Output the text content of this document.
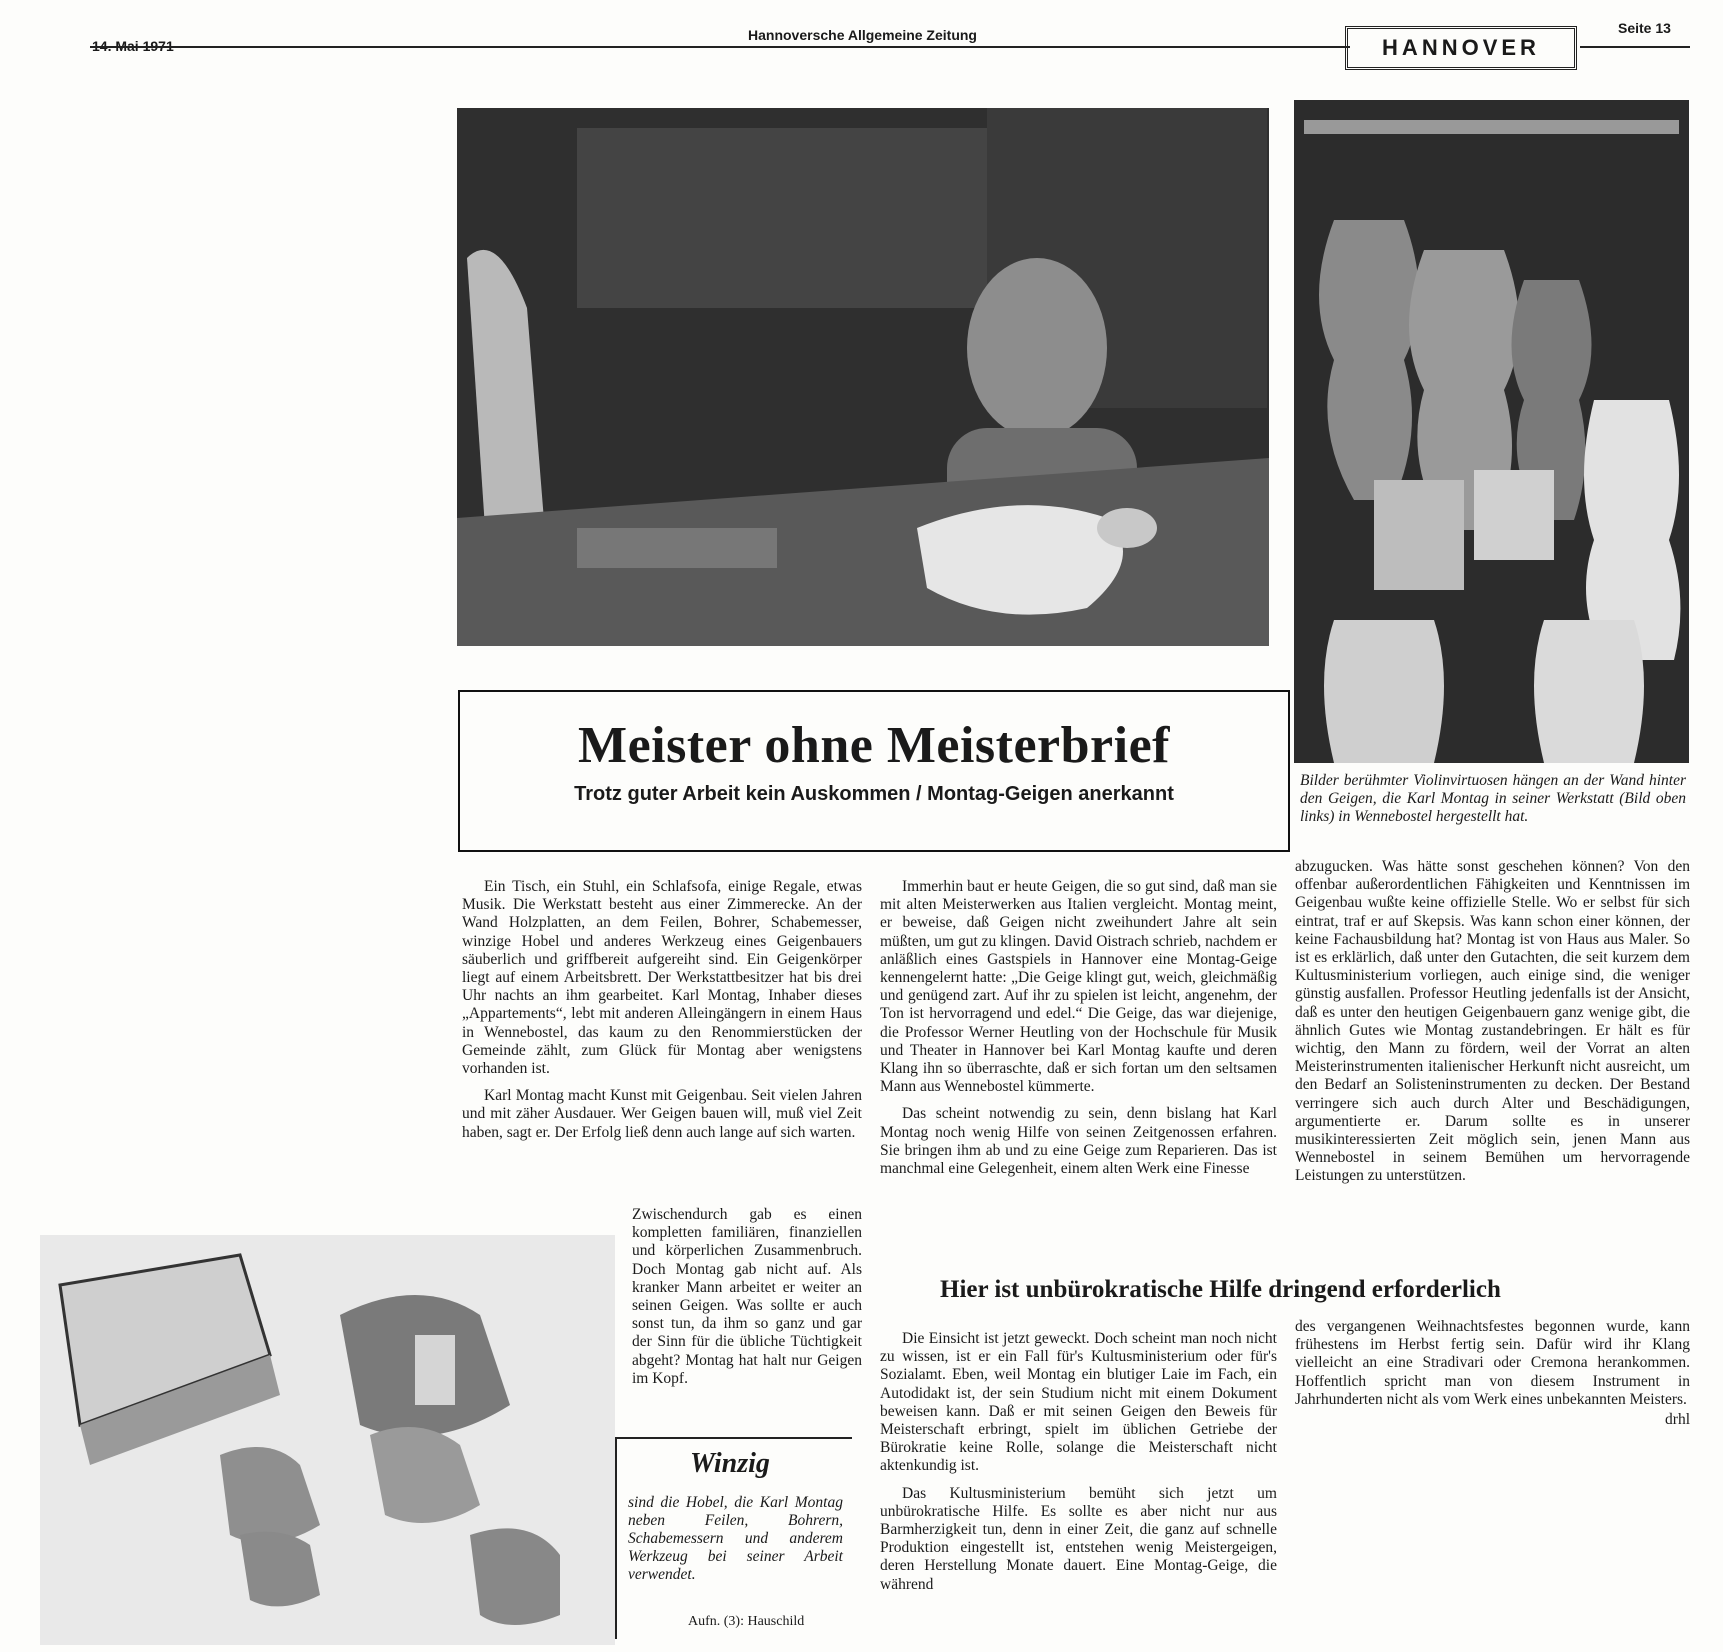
14. Mai 1971
Hannoversche Allgemeine Zeitung	HANNOVER
Seite 13
Bilder berühmter Violinvirtuosen hängen an der Wand hinter den Geigen, die Karl Montag in seiner Werkstatt (Bild oben links) in Wennebostel hergestellt hat.
Meister ohne Meisterbrief
Trotz guter Arbeit kein Auskommen / Montag-Geigen anerkannt

Ein Tisch, ein Stuhl, ein Schlafsofa, einige Regale, etwas Musik. Die Werkstatt besteht aus einer Zimmerecke. An der Wand Holzplatten, an dem Feilen, Bohrer, Schabemesser, winzige Hobel und anderes Werkzeug eines Geigenbauers säuberlich und griffbereit aufgereiht sind. Ein Geigenkörper liegt auf einem Arbeitsbrett. Der Werkstattbesitzer hat bis drei Uhr nachts an ihm gearbeitet. Karl Montag, Inhaber dieses „Appartements“, lebt mit anderen Alleingängern in einem Haus in Wennebostel, das kaum zu den Renommierstücken der Gemeinde zählt, zum Glück für Montag aber wenigstens vorhanden ist.

Karl Montag macht Kunst mit Geigenbau. Seit vielen Jahren und mit zäher Ausdauer. Wer Geigen bauen will, muß viel Zeit haben, sagt er. Der Erfolg ließ denn auch lange auf sich warten.

Zwischendurch gab es einen kompletten familiären, finanziellen und körperlichen Zusammenbruch. Doch Montag gab nicht auf. Als kranker Mann arbeitet er weiter an seinen Geigen. Was sollte er auch sonst tun, da ihm so ganz und gar der Sinn für die übliche Tüchtigkeit abgeht? Montag hat halt nur Geigen im Kopf.

Immerhin baut er heute Geigen, die so gut sind, daß man sie mit alten Meisterwerken aus Italien vergleicht. Montag meint, er beweise, daß Geigen nicht zweihundert Jahre alt sein müßten, um gut zu klingen. David Oistrach schrieb, nachdem er anläßlich eines Gastspiels in Hannover eine Montag-Geige kennengelernt hatte: „Die Geige klingt gut, weich, gleichmäßig und genügend zart. Auf ihr zu spielen ist leicht, angenehm, der Ton ist hervorragend und edel.“ Die Geige, das war diejenige, die Professor Werner Heutling von der Hochschule für Musik und Theater in Hannover bei Karl Montag kaufte und deren Klang ihn so überraschte, daß er sich fortan um den seltsamen Mann aus Wennebostel kümmerte.

Das scheint notwendig zu sein, denn bislang hat Karl Montag noch wenig Hilfe von seinen Zeitgenossen erfahren. Sie bringen ihm ab und zu eine Geige zum Reparieren. Das ist manchmal eine Gelegenheit, einem alten Werk eine Finesse

abzugucken. Was hätte sonst geschehen können? Von den offenbar außerordentlichen Fähigkeiten und Kenntnissen im Geigenbau wußte keine offizielle Stelle. Wo er selbst für sich eintrat, traf er auf Skepsis. Was kann schon einer können, der keine Fachausbildung hat? Montag ist von Haus aus Maler. So ist es erklärlich, daß unter den Gutachten, die seit kurzem dem Kultusministerium vorliegen, auch einige sind, die weniger günstig ausfallen. Professor Heutling jedenfalls ist der Ansicht, daß es unter den heutigen Geigenbauern ganz wenige gibt, die ähnlich Gutes wie Montag zustandebringen. Er hält es für wichtig, den Mann zu fördern, weil der Vorrat an alten Meisterinstrumenten italienischer Herkunft nicht ausreicht, um den Bedarf an Solisteninstrumenten zu decken. Der Bestand verringere sich auch durch Alter und Beschädigungen, argumentierte er. Darum sollte es in unserer musikinteressierten Zeit möglich sein, jenen Mann aus Wennebostel in seinem Bemühen um hervorragende Leistungen zu unterstützen.

Hier ist unbürokratische Hilfe dringend erforderlich

Die Einsicht ist jetzt geweckt. Doch scheint man noch nicht zu wissen, ist er ein Fall für's Kultusministerium oder für's Sozialamt. Eben, weil Montag ein blutiger Laie im Fach, ein Autodidakt ist, der sein Studium nicht mit einem Dokument beweisen kann. Daß er mit seinen Geigen den Beweis für Meisterschaft erbringt, spielt im üblichen Getriebe der Bürokratie keine Rolle, solange die Meisterschaft nicht aktenkundig ist.

Das Kultusministerium bemüht sich jetzt um unbürokratische Hilfe. Es sollte es aber nicht nur aus Barmherzigkeit tun, denn in einer Zeit, die ganz auf schnelle Produktion eingestellt ist, entstehen wenig Meistergeigen, deren Herstellung Monate dauert. Eine Montag-Geige, die während

des vergangenen Weihnachtsfestes begonnen wurde, kann frühestens im Herbst fertig sein. Dafür wird ihr Klang vielleicht an eine Stradivari oder Cremona herankommen. Hoffentlich spricht man von diesem Instrument in Jahrhunderten nicht als vom Werk eines unbekannten Meisters.

drhl
Winzig
sind die Hobel, die Karl Montag neben Feilen, Bohrern, Schabemessern und anderem Werkzeug bei seiner Arbeit verwendet.
Aufn. (3): Hauschild
